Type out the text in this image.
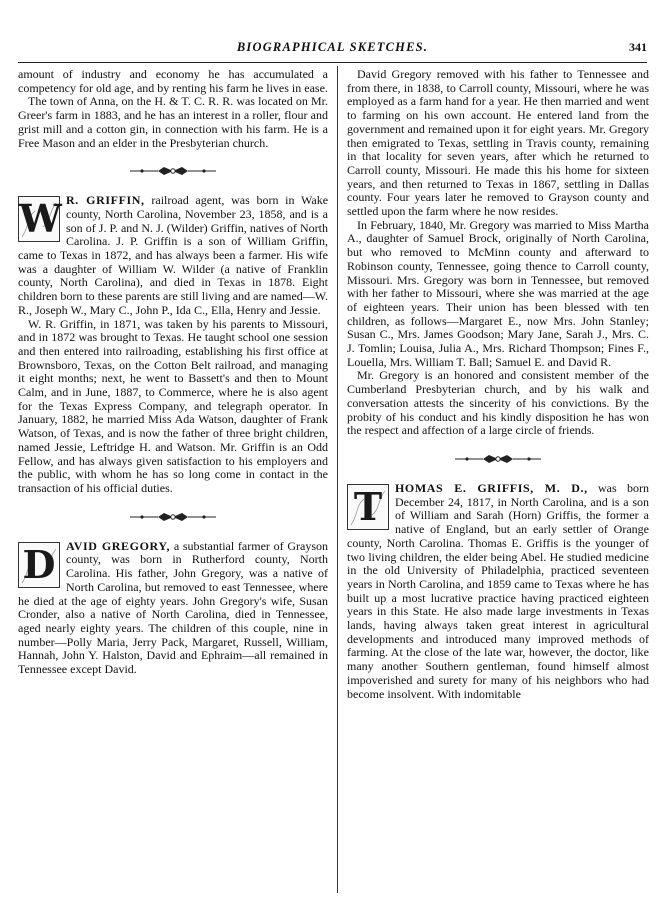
BIOGRAPHICAL SKETCHES.	341

amount of industry and economy he has accumulated a competency for old age, and by renting his farm he lives in ease.

The town of Anna, on the H. & T. C. R. R. was located on Mr. Greer's farm in 1883, and he has an interest in a roller, flour and grist mill and a cotton gin, in connection with his farm. He is a Free Mason and an elder in the Presbyterian church.

W R. GRIFFIN, railroad agent, was born in Wake county, North Carolina, November 23, 1858, and is a son of J. P. and N. J. (Wilder) Griffin, natives of North Carolina. J. P. Griffin is a son of William Griffin, came to Texas in 1872, and has always been a farmer. His wife was a daughter of William W. Wilder (a native of Franklin county, North Carolina), and died in Texas in 1878. Eight children born to these parents are still living and are named—W. R., Joseph W., Mary C., John P., Ida C., Ella, Henry and Jessie.

W. R. Griffin, in 1871, was taken by his parents to Missouri, and in 1872 was brought to Texas. He taught school one session and then entered into railroading, establishing his first office at Brownsboro, Texas, on the Cotton Belt railroad, and managing it eight months; next, he went to Bassett's and then to Mount Calm, and in June, 1887, to Commerce, where he is also agent for the Texas Express Company, and telegraph operator. In January, 1882, he married Miss Ada Watson, daughter of Frank Watson, of Texas, and is now the father of three bright children, named Jessie, Leftridge H. and Watson. Mr. Griffin is an Odd Fellow, and has always given satisfaction to his employers and the public, with whom he has so long come in contact in the transaction of his official duties.

D AVID GREGORY, a substantial farmer of Grayson county, was born in Rutherford county, North Carolina. His father, John Gregory, was a native of North Carolina, but removed to east Tennessee, where he died at the age of eighty years. John Gregory's wife, Susan Cronder, also a native of North Carolina, died in Tennessee, aged nearly eighty years. The children of this couple, nine in number—Polly Maria, Jerry Pack, Margaret, Russell, William, Hannah, John Y. Halston, David and Ephraim—all remained in Tennessee except David.

David Gregory removed with his father to Tennessee and from there, in 1838, to Carroll county, Missouri, where he was employed as a farm hand for a year. He then married and went to farming on his own account. He entered land from the government and remained upon it for eight years. Mr. Gregory then emigrated to Texas, settling in Travis county, remaining in that locality for seven years, after which he returned to Carroll county, Missouri. He made this his home for sixteen years, and then returned to Texas in 1867, settling in Dallas county. Four years later he removed to Grayson county and settled upon the farm where he now resides.

In February, 1840, Mr. Gregory was married to Miss Martha A., daughter of Samuel Brock, originally of North Carolina, but who removed to McMinn county and afterward to Robinson county, Tennessee, going thence to Carroll county, Missouri. Mrs. Gregory was born in Tennessee, but removed with her father to Missouri, where she was married at the age of eighteen years. Their union has been blessed with ten children, as follows—Margaret E., now Mrs. John Stanley; Susan C., Mrs. James Goodson; Mary Jane, Sarah J., Mrs. C. J. Tomlin; Louisa, Julia A., Mrs. Richard Thompson; Fines F., Louella, Mrs. William T. Ball; Samuel E. and David R.

Mr. Gregory is an honored and consistent member of the Cumberland Presbyterian church, and by his walk and conversation attests the sincerity of his convictions. By the probity of his conduct and his kindly disposition he has won the respect and affection of a large circle of friends.

T	HOMAS E. GRIFFIS, M. D., was born December 24, 1817, in North Carolina, and is a son of William and Sarah (Horn) Griffis, the former a native of England, but an early settler of Orange county, North Carolina. Thomas E. Griffis is the younger of two living children, the elder being Abel. He studied medicine in the old University of Philadelphia, practiced seventeen years in North Carolina, and 1859 came to Texas where he has built up a most lucrative practice having practiced eighteen years in this State. He also made large investments in Texas lands, having always taken great interest in agricultural developments and introduced many improved methods of farming. At the close of the late war, however, the doctor, like many another Southern gentleman, found himself almost impoverished and surety for many of his neighbors who had become insolvent. With indomitable
